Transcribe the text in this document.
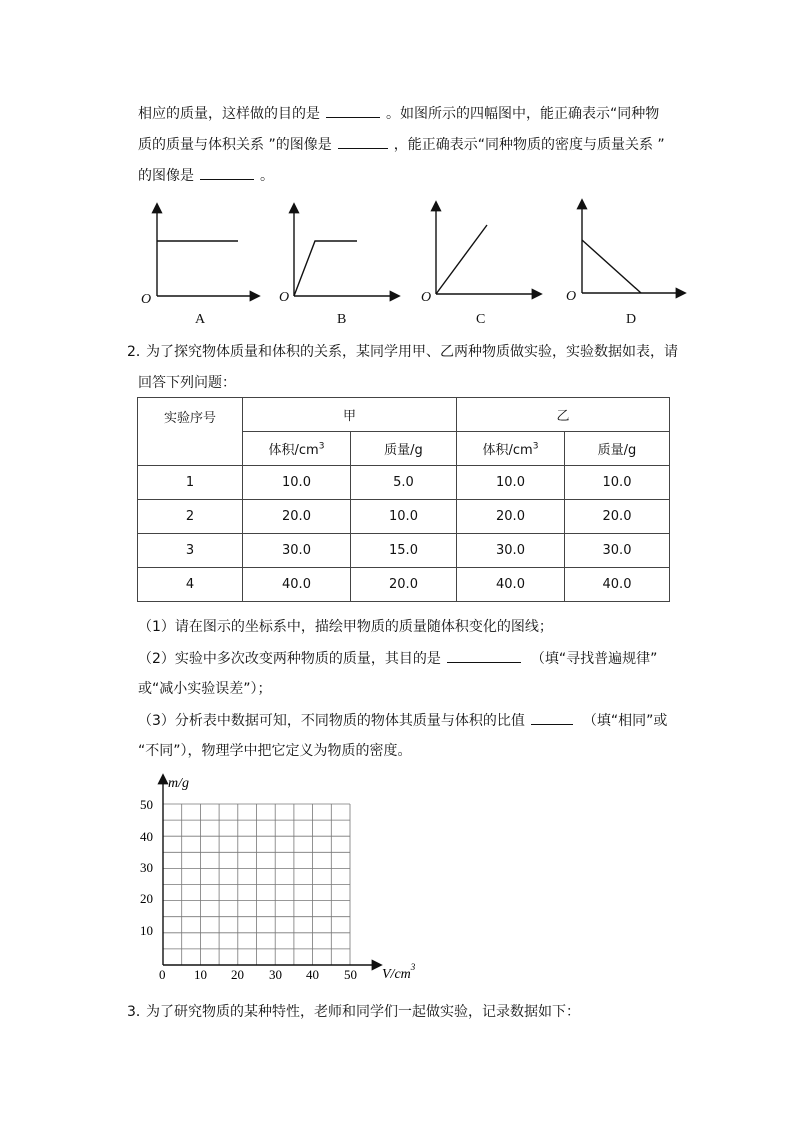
相应的质量，这样做的目的是	。如图所示的四幅图中，能正确表示“同种物
质的质量与体积关系 ”的图像是	，能正确表示“同种物质的密度与质量关系 ”
的图像是	。
O	O	O	O
A	B	C	D
2．
为了探究物体质量和体积的关系，某同学用甲、乙两种物质做实验，实验数据如表，请
回答下列问题：
实验序号	甲		乙	
	体积$/cm^3$	质量/g	体积$/cm^3$	质量/g
1	10.0	5.0	10.0	10.0
2	20.0	10.0	20.0	20.0
3	30.0	15.0	30.0	30.0
4	40.0	20.0	40.0	40.0
（1）请在图示的坐标系中，描绘甲物质的质量随体积变化的图线；
（2）实验中多次改变两种物质的质量，其目的是	（填“寻找普遍规律”
或“减小实验误差”）；
（3）分析表中数据可知，不同物质的物体其质量与体积的比值	（填“相同”或
“不同”），物理学中把它定义为物质的密度。
m/g
$V/cm^3$
50
40
30
20
10
0 10 20 30 40 50
3．
为了研究物质的某种特性，老师和同学们一起做实验，记录数据如下：
